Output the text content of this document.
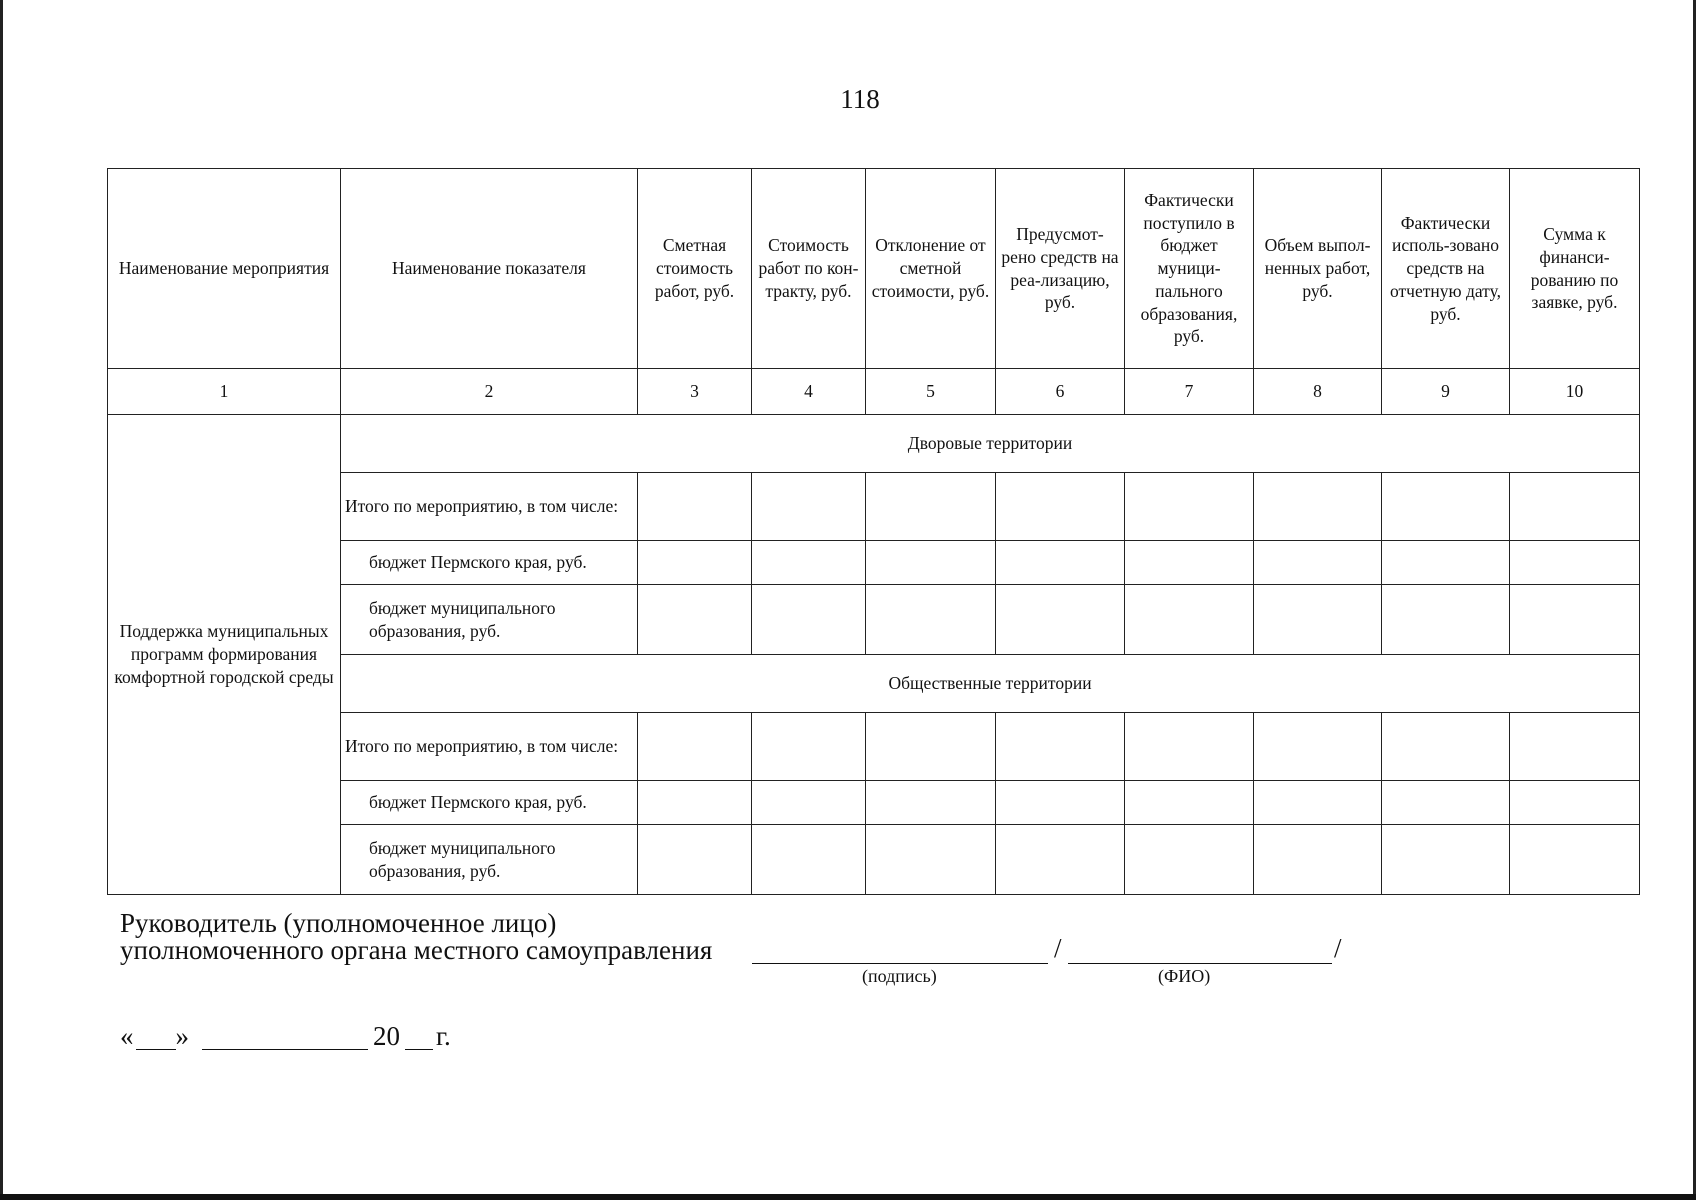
118
Наименование мероприятия	Наименование показателя	Сметная стоимость работ, руб.	Стоимость работ по кон-тракту, руб.	Отклонение от сметной стоимости, руб.	Предусмот-рено средств на реа-лизацию, руб.	Фактически поступило в бюджет муници-пального образования, руб.	Объем выпол-ненных работ, руб.	Фактически исполь-зовано средств на отчетную дату, руб.	Сумма к финанси-рованию по заявке, руб.
1	2	3	4	5	6	7	8	9	10
Поддержка муниципальных программ формирования комфортной городской среды	Дворовые территории								
	Итого по мероприятию, в том числе:								
	бюджет Пермского края, руб.								
	бюджет муниципального образования, руб.								
	Общественные территории								
	Итого по мероприятию, в том числе:								
	бюджет Пермского края, руб.								
	бюджет муниципального образования, руб.								
Руководитель (уполномоченное лицо)
уполномоченного органа местного самоуправления	/	/
(подпись)	(ФИО)
« »	20 г.
